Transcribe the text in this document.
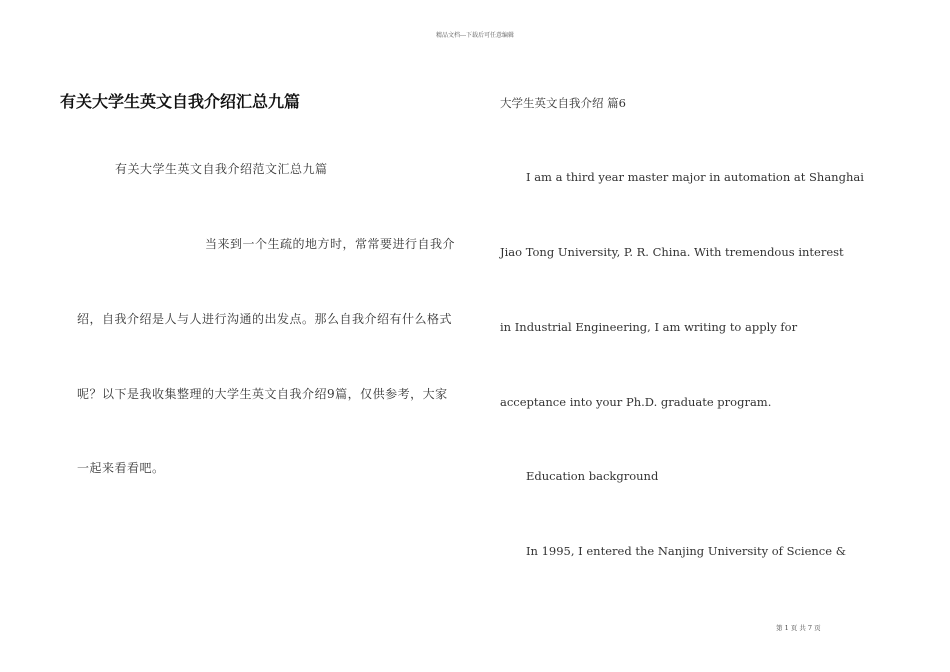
精品文档---下载后可任意编辑
有关大学生英文自我介绍汇总九篇
有关大学生英文自我介绍范文汇总九篇
当来到一个生疏的地方时，常常要进行自我介
绍，自我介绍是人与人进行沟通的出发点。那么自我介绍有什么格式
呢？以下是我收集整理的大学生英文自我介绍9篇，仅供参考，大家
一起来看看吧。
大学生英文自我介绍 篇6
I am a third year master major in automation at Shanghai
Jiao Tong University, P. R. China. With tremendous interest
in Industrial Engineering, I am writing to apply for
acceptance into your Ph.D. graduate program.
Education background
In 1995, I entered the Nanjing University of Science &
第 1 页 共 7 页
